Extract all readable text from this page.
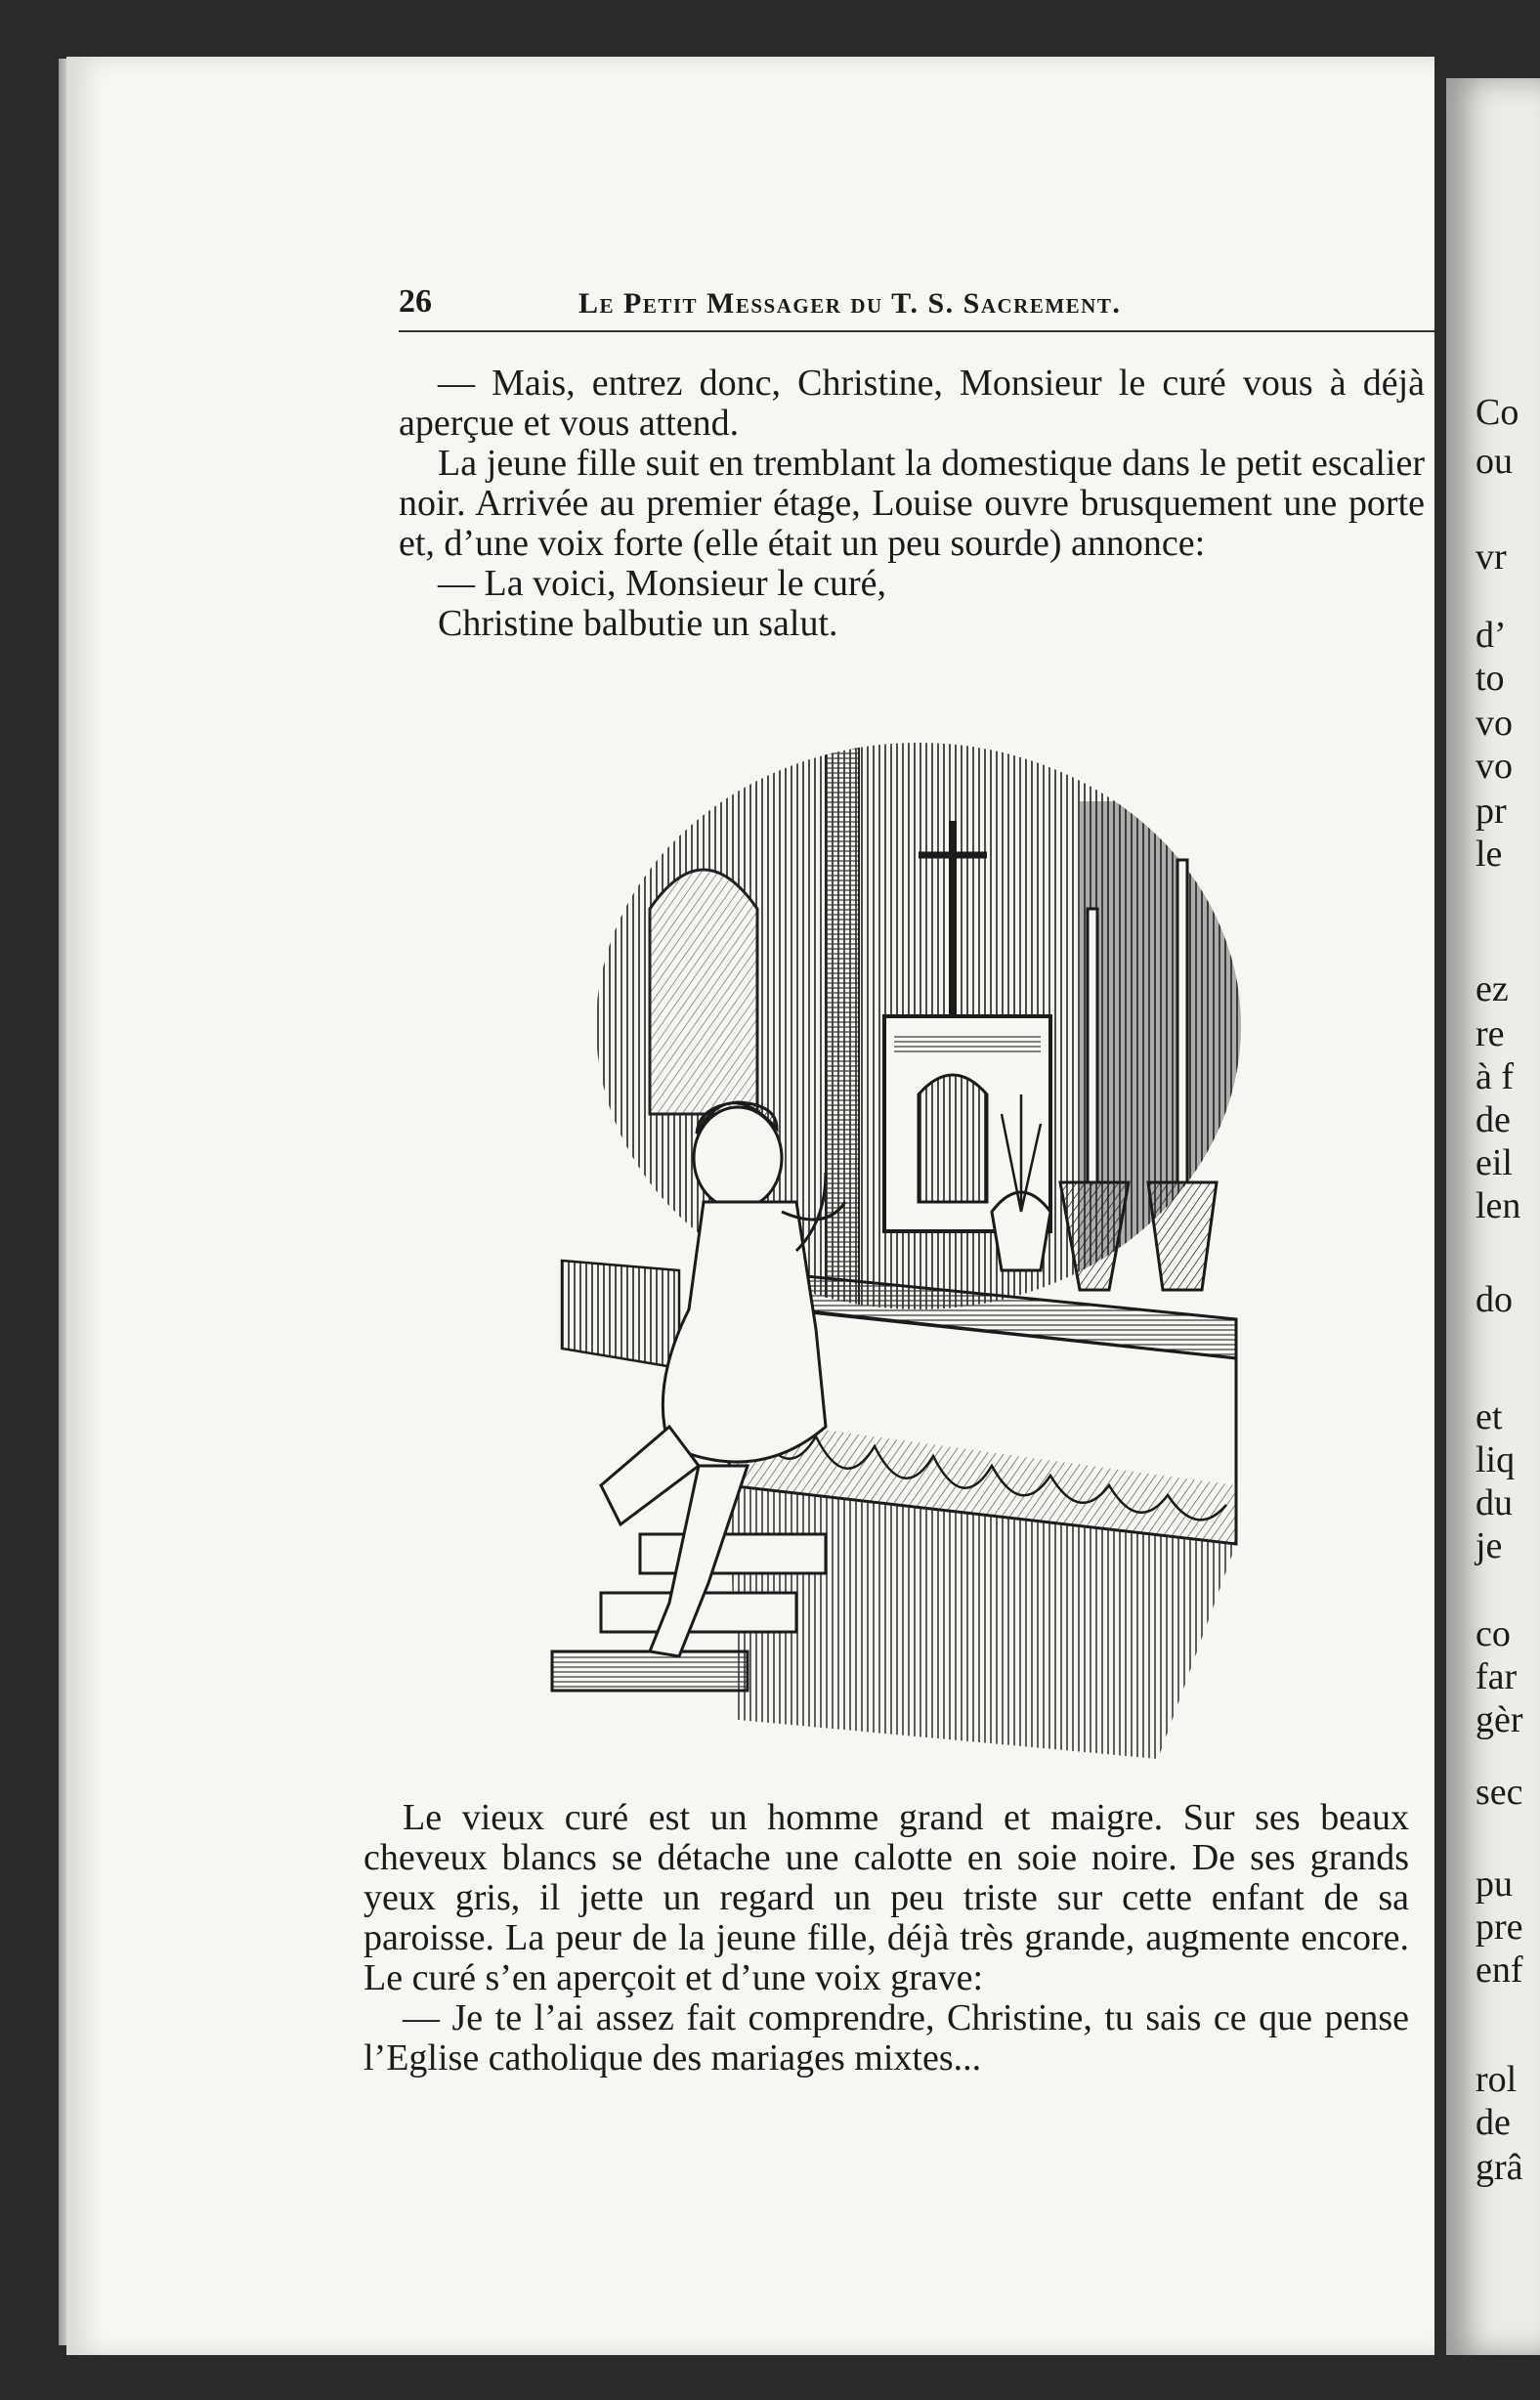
Co
ou
vr
d’
to
vo
vo
pr
le
ez
re
à f
de
eil
len
do
et
liq
du
je
co
far
gèr
sec
pu
pre
enf
rol
de
grâ
26	Le Petit Messager du T. S. Sacrement.

— Mais, entrez donc, Christine, Monsieur le curé vous à déjà aperçue et vous attend.

La jeune fille suit en tremblant la domestique dans le petit escalier noir. Arrivée au premier étage, Louise ouvre brusquement une porte et, d’une voix forte (elle était un peu sourde) annonce:

— La voici, Monsieur le curé,

Christine balbutie un salut.

Le vieux curé est un homme grand et maigre. Sur ses beaux cheveux blancs se détache une calotte en soie noire. De ses grands yeux gris, il jette un regard un peu triste sur cette enfant de sa paroisse. La peur de la jeune fille, déjà très grande, augmente encore. Le curé s’en aperçoit et d’une voix grave:

— Je te l’ai assez fait comprendre, Christine, tu sais ce que pense l’Eglise catholique des mariages mixtes...
